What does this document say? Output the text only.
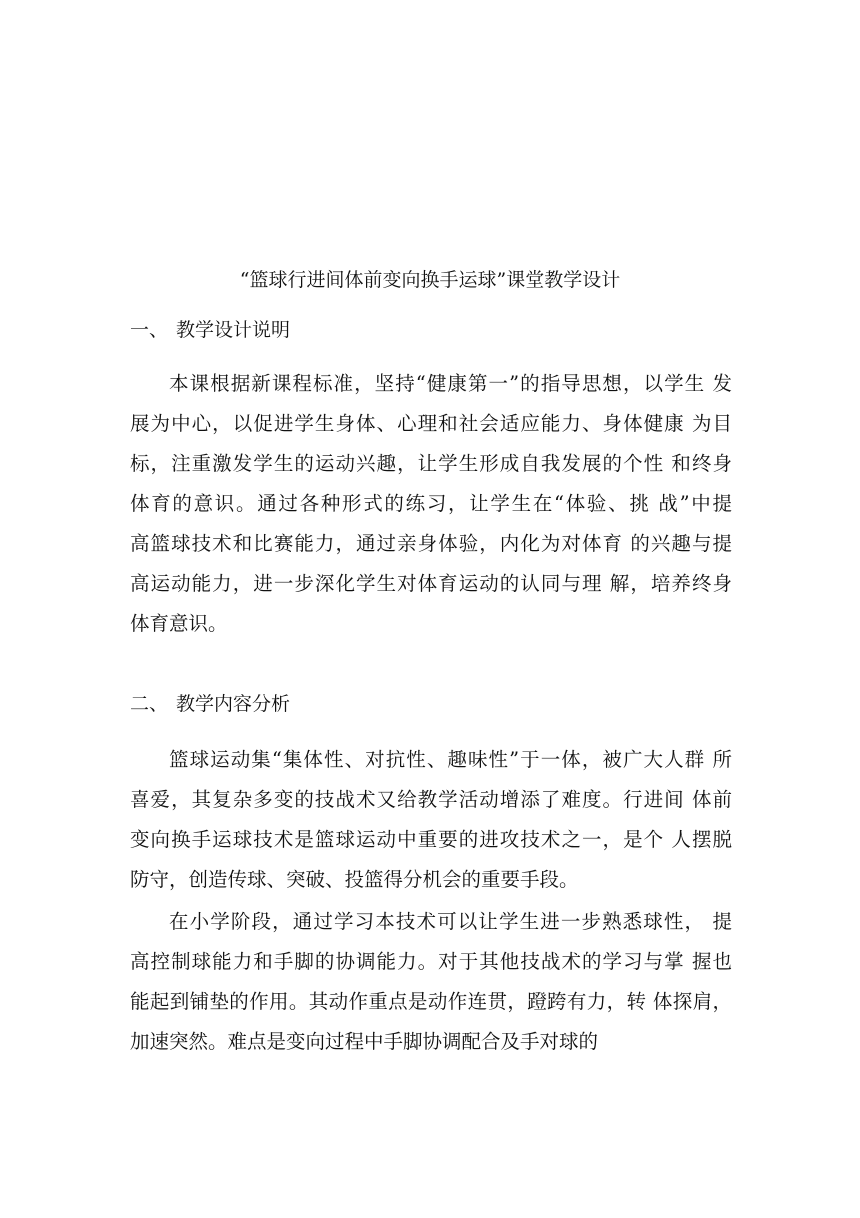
“篮球行进间体前变向换手运球”课堂教学设计
一、 教学设计说明
本课根据新课程标准，坚持“健康第一”的指导思想，以学生 发
展为中心，以促进学生身体、心理和社会适应能力、身体健康 为目
标，注重激发学生的运动兴趣，让学生形成自我发展的个性 和终身
体育的意识。通过各种形式的练习，让学生在“体验、挑 战”中提
高篮球技术和比赛能力，通过亲身体验，内化为对体育 的兴趣与提
高运动能力，进一步深化学生对体育运动的认同与理 解，培养终身
体育意识。
二、 教学内容分析
篮球运动集“集体性、对抗性、趣味性”于一体，被广大人群 所
喜爱，其复杂多变的技战术又给教学活动增添了难度。行进间 体前
变向换手运球技术是篮球运动中重要的进攻技术之一，是个 人摆脱
防守，创造传球、突破、投篮得分机会的重要手段。
在小学阶段，通过学习本技术可以让学生进一步熟悉球性， 提
高控制球能力和手脚的协调能力。对于其他技战术的学习与掌 握也
能起到铺垫的作用。其动作重点是动作连贯，蹬跨有力，转 体探肩，
加速突然。难点是变向过程中手脚协调配合及手对球的
